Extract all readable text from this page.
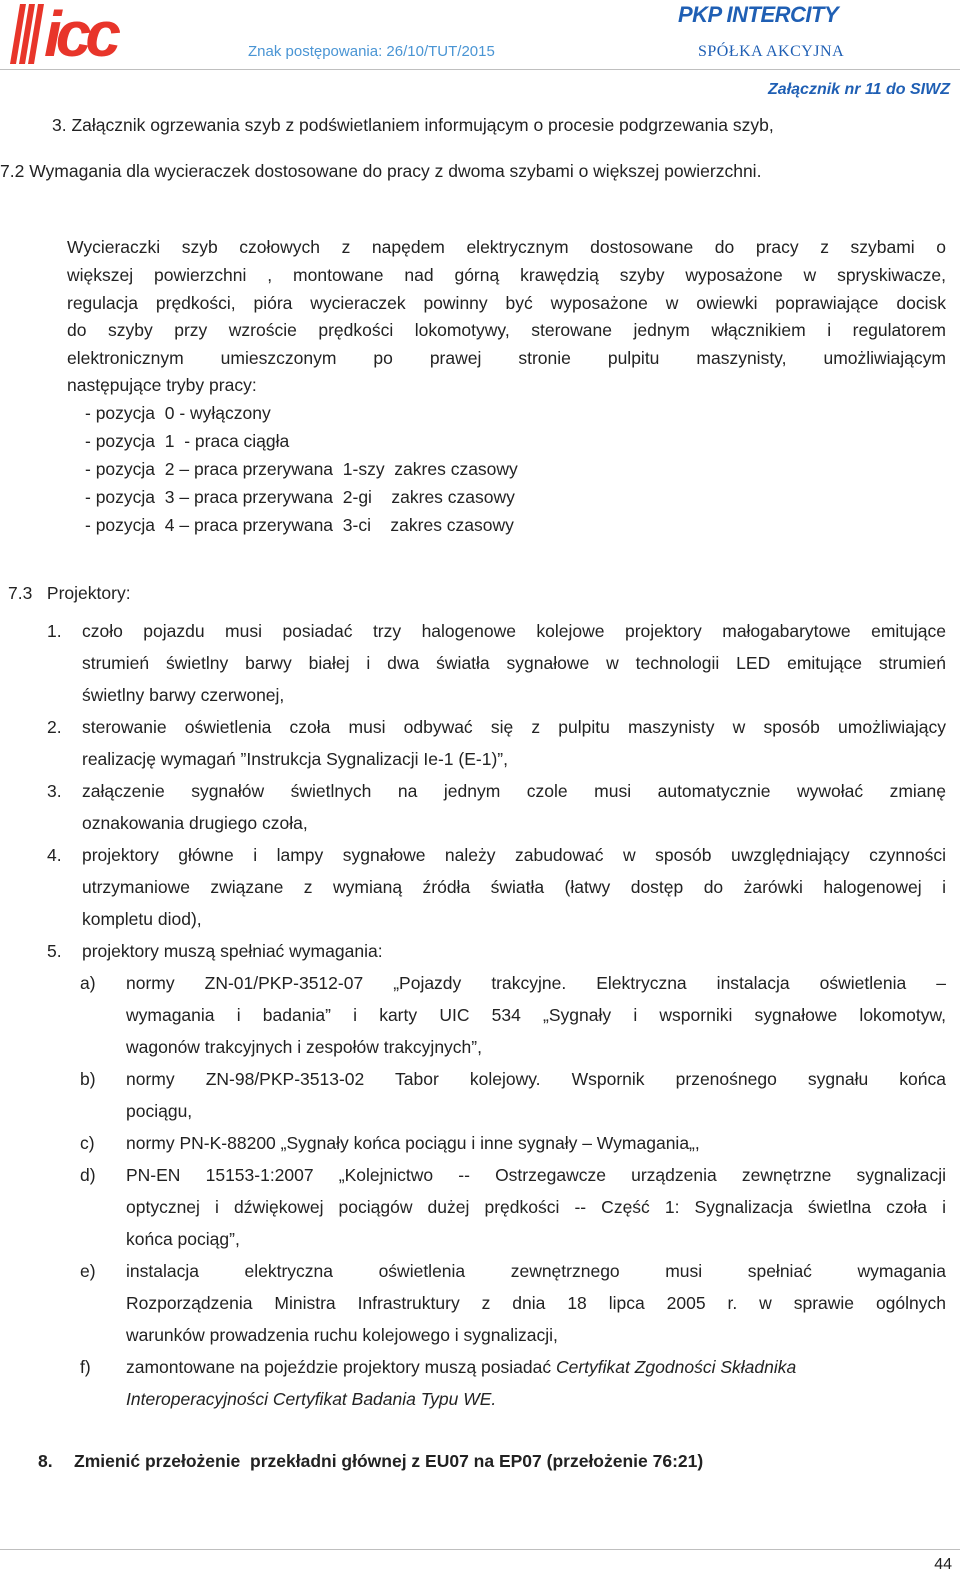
icc	Znak postępowania: 26/10/TUT/2015
PKP INTERCITY
SPÓŁKA AKCYJNA
Załącznik nr 11 do SIWZ
3. Załącznik ogrzewania szyb z podświetlaniem informującym o procesie podgrzewania szyb,
7.2 Wymagania dla wycieraczek dostosowane do pracy z dwoma szybami o większej powierzchni.
Wycieraczki szyb czołowych z napędem elektrycznym dostosowane do pracy z szybami o
większej powierzchni , montowane nad górną krawędzią szyby wyposażone w spryskiwacze,
regulacja prędkości, pióra wycieraczek powinny być wyposażone w owiewki poprawiające docisk
do szyby przy wzroście prędkości lokomotywy, sterowane jednym włącznikiem i regulatorem
elektronicznym umieszczonym po prawej stronie pulpitu maszynisty, umożliwiającym
następujące tryby pracy:
- pozycja  0 - wyłączony
- pozycja  1  - praca ciągła
- pozycja  2 – praca przerywana  1-szy  zakres czasowy
- pozycja  3 – praca przerywana  2-gi    zakres czasowy
- pozycja  4 – praca przerywana  3-ci    zakres czasowy
7.3   Projektory:
1. czoło pojazdu musi posiadać trzy halogenowe kolejowe projektory małogabarytowe emitujące
strumień świetlny barwy białej i dwa światła sygnałowe w technologii LED emitujące strumień
świetlny barwy czerwonej,
2. sterowanie oświetlenia czoła musi odbywać się z pulpitu maszynisty w sposób umożliwiający
realizację wymagań ”Instrukcja Sygnalizacji Ie-1 (E-1)”,
3. załączenie sygnałów świetlnych na jednym czole musi automatycznie wywołać zmianę
oznakowania drugiego czoła,
4. projektory główne i lampy sygnałowe należy zabudować w sposób uwzględniający czynności
utrzymaniowe związane z wymianą źródła światła (łatwy dostęp do żarówki halogenowej i
kompletu diod),
5. projektory muszą spełniać wymagania:
a) normy ZN-01/PKP-3512-07 „Pojazdy trakcyjne. Elektryczna instalacja oświetlenia –
wymagania i badania” i karty UIC 534 „Sygnały i wsporniki sygnałowe lokomotyw,
wagonów trakcyjnych i zespołów trakcyjnych”,
b) normy ZN-98/PKP-3513-02 Tabor kolejowy. Wspornik przenośnego sygnału końca
pociągu,
c) normy PN-K-88200 „Sygnały końca pociągu i inne sygnały – Wymagania„,
d) PN-EN 15153-1:2007 „Kolejnictwo -- Ostrzegawcze urządzenia zewnętrzne sygnalizacji
optycznej i dźwiękowej pociągów dużej prędkości -- Część 1: Sygnalizacja świetlna czoła i
końca pociąg”,
e) instalacja elektryczna oświetlenia zewnętrznego musi spełniać wymagania
Rozporządzenia Ministra Infrastruktury z dnia 18 lipca 2005 r. w sprawie ogólnych
warunków prowadzenia ruchu kolejowego i sygnalizacji,
f) zamontowane na pojeździe projektory muszą posiadać Certyfikat Zgodności Składnika
Interoperacyjności Certyfikat Badania Typu WE.
8. Zmienić przełożenie  przekładni głównej z EU07 na EP07 (przełożenie 76:21)
44
